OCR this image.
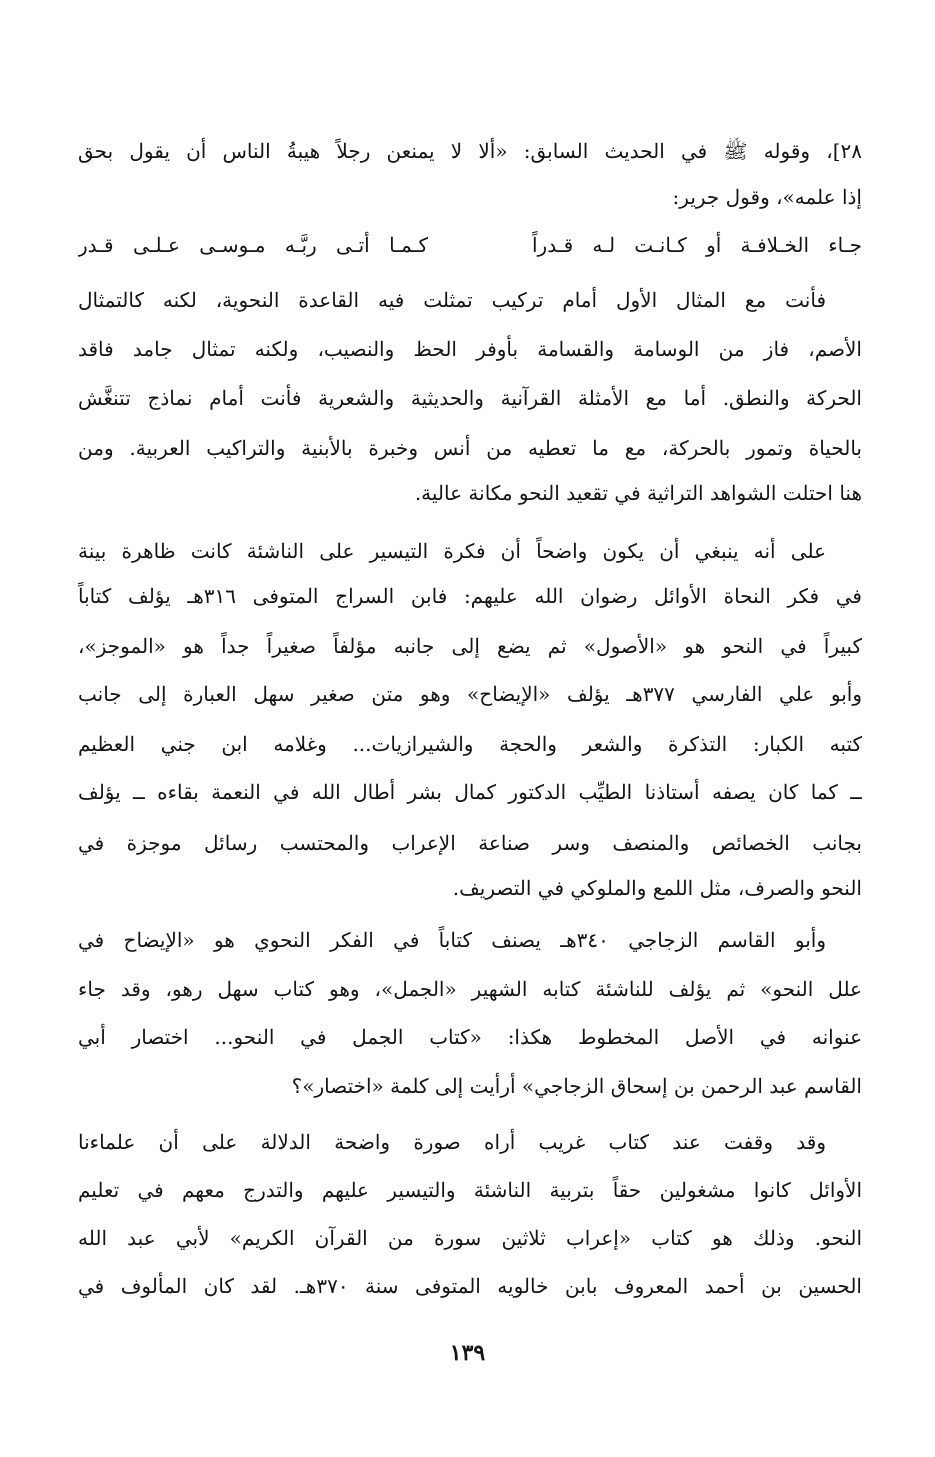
٢٨]، وقوله ﷺ في الحديث السابق: «ألا لا يمنعن رجلاً هيبةُ الناس أن يقول بحق
إذا علمه»، وقول جرير:
جـاء الخـلافـة أو كـانـت لـه قـدراً
كـمـا أتـى ربَّـه مـوسـى عـلـى قـدر
فأنت مع المثال الأول أمام تركيب تمثلت فيه القاعدة النحوية، لكنه كالتمثال
الأصم، فاز من الوسامة والقسامة بأوفر الحظ والنصيب، ولكنه تمثال جامد فاقد
الحركة والنطق. أما مع الأمثلة القرآنية والحديثية والشعرية فأنت أمام نماذج تتنغَّش
بالحياة وتمور بالحركة، مع ما تعطيه من أنس وخبرة بالأبنية والتراكيب العربية. ومن
هنا احتلت الشواهد التراثية في تقعيد النحو مكانة عالية.
على أنه ينبغي أن يكون واضحاً أن فكرة التيسير على الناشئة كانت ظاهرة بينة
في فكر النحاة الأوائل رضوان الله عليهم: فابن السراج المتوفى ٣١٦هـ يؤلف كتاباً
كبيراً في النحو هو «الأصول» ثم يضع إلى جانبه مؤلفاً صغيراً جداً هو «الموجز»،
وأبو علي الفارسي ٣٧٧هـ يؤلف «الإيضاح» وهو متن صغير سهل العبارة إلى جانب
كتبه الكبار: التذكرة والشعر والحجة والشيرازيات... وغلامه ابن جني العظيم
ــ كما كان يصفه أستاذنا الطيِّب الدكتور كمال بشر أطال الله في النعمة بقاءه ــ يؤلف
بجانب الخصائص والمنصف وسر صناعة الإعراب والمحتسب رسائل موجزة في
النحو والصرف، مثل اللمع والملوكي في التصريف.
وأبو القاسم الزجاجي ٣٤٠هـ يصنف كتاباً في الفكر النحوي هو «الإيضاح في
علل النحو» ثم يؤلف للناشئة كتابه الشهير «الجمل»، وهو كتاب سهل رهو، وقد جاء
عنوانه في الأصل المخطوط هكذا: «كتاب الجمل في النحو... اختصار أبي
القاسم عبد الرحمن بن إسحاق الزجاجي» أرأيت إلى كلمة «اختصار»؟
وقد وقفت عند كتاب غريب أراه صورة واضحة الدلالة على أن علماءنا
الأوائل كانوا مشغولين حقاً بتربية الناشئة والتيسير عليهم والتدرج معهم في تعليم
النحو. وذلك هو كتاب «إعراب ثلاثين سورة من القرآن الكريم» لأبي عبد الله
الحسين بن أحمد المعروف بابن خالويه المتوفى سنة ٣٧٠هـ. لقد كان المألوف في
١٣٩
